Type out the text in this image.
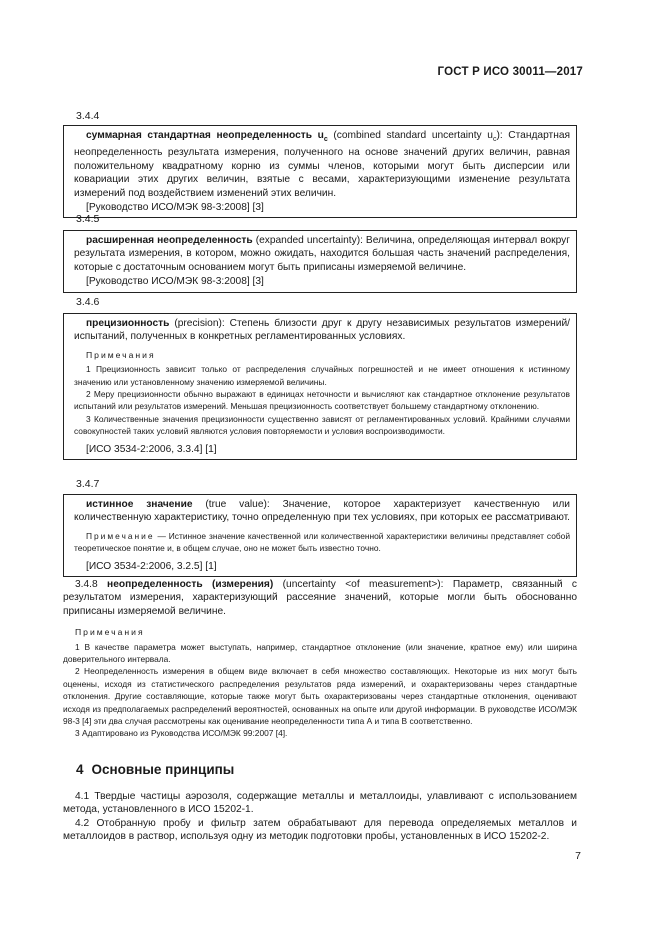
ГОСТ Р ИСО 30011—2017
3.4.4

суммарная стандартная неопределенность $u_c$ (combined standard uncertainty $u_c$): Стандартная неопределенность результата измерения, полученного на основе значений других величин, равная положительному квадратному корню из суммы членов, которыми могут быть дисперсии или ковариации этих других величин, взятые с весами, характеризующими изменение результата измерений под воздействием изменений этих величин.

[Руководство ИСО/МЭК 98-3:2008] [3]

3.4.5

расширенная неопределенность (expanded uncertainty): Величина, определяющая интервал вокруг результата измерения, в котором, можно ожидать, находится большая часть значений распределения, которые с достаточным основанием могут быть приписаны измеряемой величине.

[Руководство ИСО/МЭК 98-3:2008] [3]

3.4.6

прецизионность (precision): Степень близости друг к другу независимых результатов измерений/испытаний, полученных в конкретных регламентированных условиях.

Примечания

1 Прецизионность зависит только от распределения случайных погрешностей и не имеет отношения к истинному значению или установленному значению измеряемой величины.

2 Меру прецизионности обычно выражают в единицах неточности и вычисляют как стандартное отклонение результатов испытаний или результатов измерений. Меньшая прецизионность соответствует большему стандартному отклонению.

3 Количественные значения прецизионности существенно зависят от регламентированных условий. Крайними случаями совокупностей таких условий являются условия повторяемости и условия воспроизводимости.

[ИСО 3534-2:2006, 3.3.4] [1]

3.4.7

истинное значение (true value): Значение, которое характеризует качественную или количественную характеристику, точно определенную при тех условиях, при которых ее рассматривают.

Примечание — Истинное значение качественной или количественной характеристики величины представляет собой теоретическое понятие и, в общем случае, оно не может быть известно точно.

[ИСО 3534-2:2006, 3.2.5] [1]

3.4.8 неопределенность (измерения) (uncertainty <of measurement>): Параметр, связанный с результатом измерения, характеризующий рассеяние значений, которые могли быть обоснованно приписаны измеряемой величине.

Примечания

1 В качестве параметра может выступать, например, стандартное отклонение (или значение, кратное ему) или ширина доверительного интервала.

2 Неопределенность измерения в общем виде включает в себя множество составляющих. Некоторые из них могут быть оценены, исходя из статистического распределения результатов ряда измерений, и охарактеризованы через стандартные отклонения. Другие составляющие, которые также могут быть охарактеризованы через стандартные отклонения, оценивают исходя из предполагаемых распределений вероятностей, основанных на опыте или другой информации. В руководстве ИСО/МЭК 98-3 [4] эти два случая рассмотрены как оценивание неопределенности типа А и типа В соответственно.

3 Адаптировано из Руководства ИСО/МЭК 99:2007 [4].

4 Основные принципы

4.1 Твердые частицы аэрозоля, содержащие металлы и металлоиды, улавливают с использованием метода, установленного в ИСО 15202-1.

4.2 Отобранную пробу и фильтр затем обрабатывают для перевода определяемых металлов и металлоидов в раствор, используя одну из методик подготовки пробы, установленных в ИСО 15202-2.

7
